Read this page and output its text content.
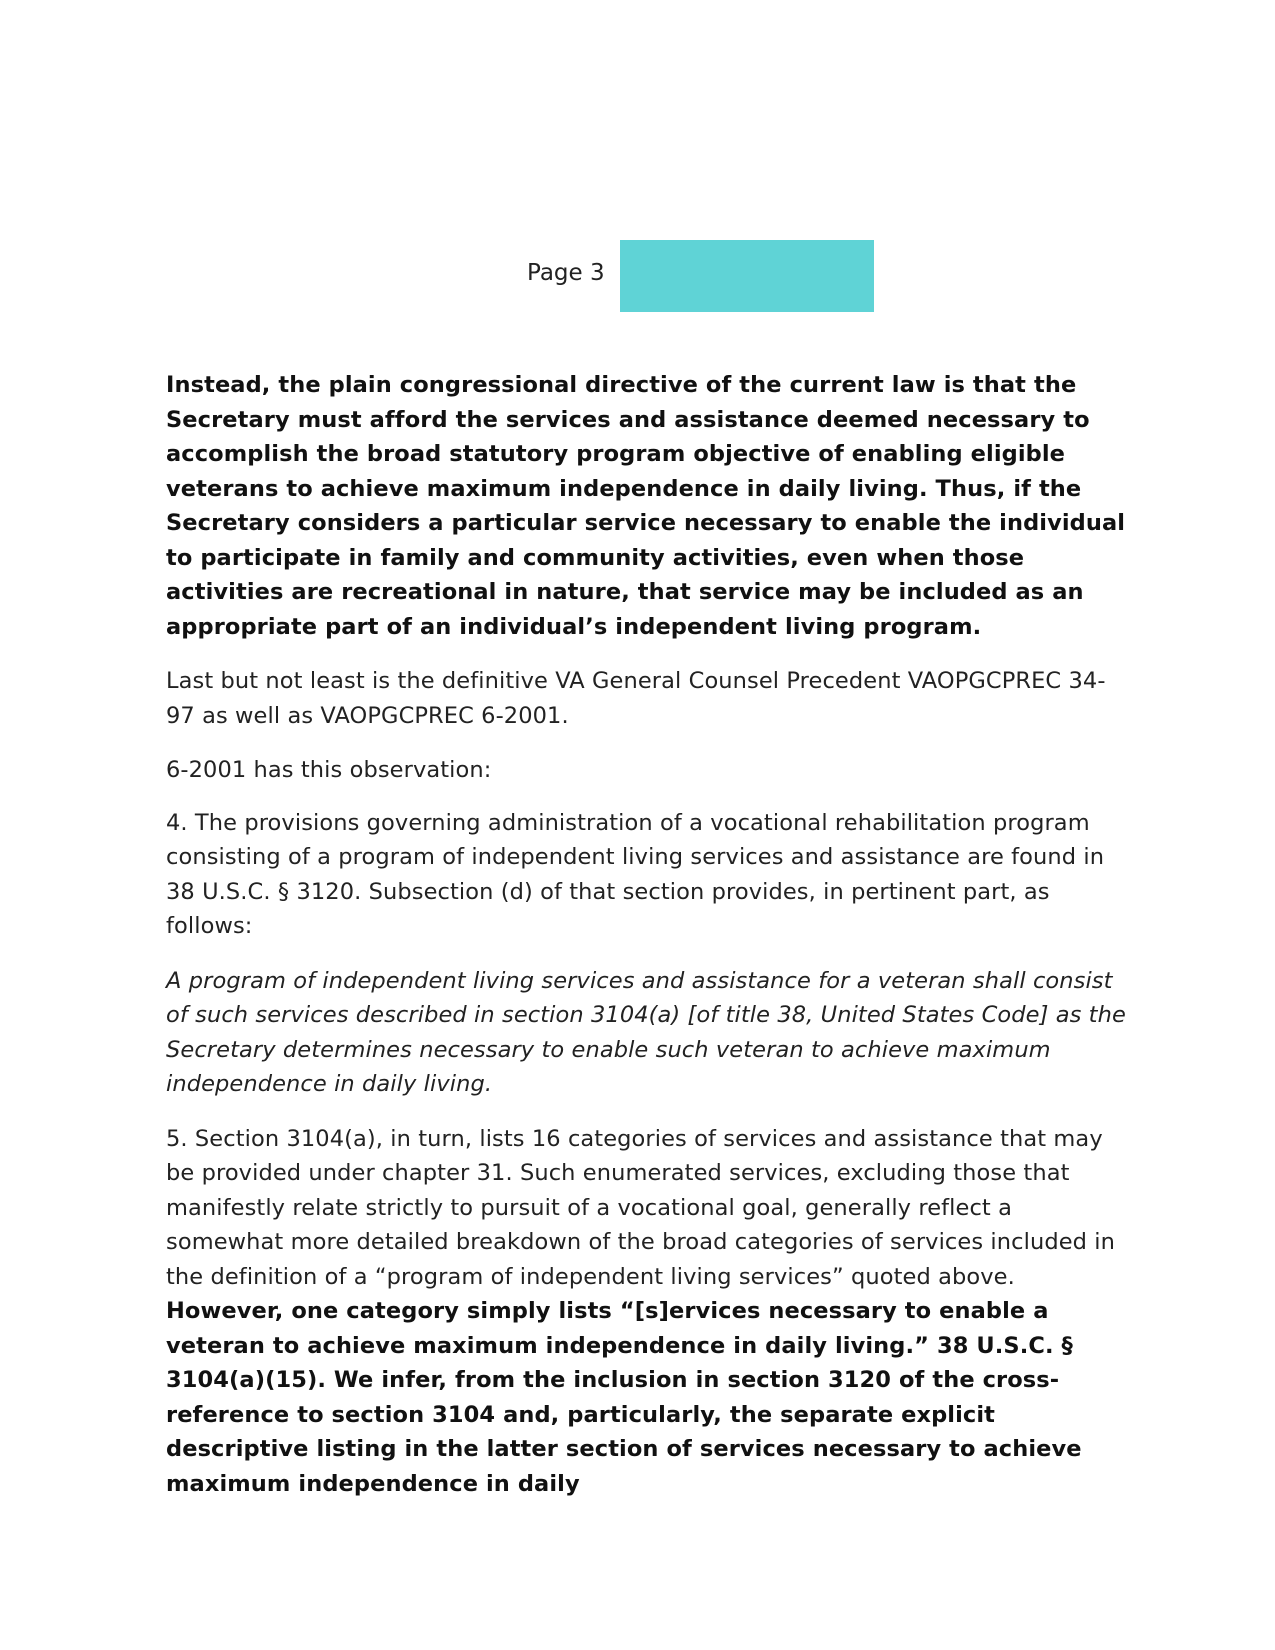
Page 3

Instead, the plain congressional directive of the current law is that the Secretary must afford the services and assistance deemed necessary to accomplish the broad statutory program objective of enabling eligible veterans to achieve maximum independence in daily living. Thus, if the Secretary considers a particular service necessary to enable the individual to participate in family and community activities, even when those activities are recreational in nature, that service may be included as an appropriate part of an individual’s independent living program.

Last but not least is the definitive VA General Counsel Precedent VAOPGCPREC 34-97 as well as VAOPGCPREC 6-2001.

6-2001 has this observation:

4. The provisions governing administration of a vocational rehabilitation program consisting of a program of independent living services and assistance are found in 38 U.S.C. § 3120. Subsection (d) of that section provides, in pertinent part, as follows:

A program of independent living services and assistance for a veteran shall consist of such services described in section 3104(a) [of title 38, United States Code] as the Secretary determines necessary to enable such veteran to achieve maximum independence in daily living.

5. Section 3104(a), in turn, lists 16 categories of services and assistance that may be provided under chapter 31. Such enumerated services, excluding those that manifestly relate strictly to pursuit of a vocational goal, generally reflect a somewhat more detailed breakdown of the broad categories of services included in the definition of a “program of independent living services” quoted above. However, one category simply lists “[s]ervices necessary to enable a veteran to achieve maximum independence in daily living.” 38 U.S.C. § 3104(a)(15). We infer, from the inclusion in section 3120 of the cross-reference to section 3104 and, particularly, the separate explicit descriptive listing in the latter section of services necessary to achieve maximum independence in daily
